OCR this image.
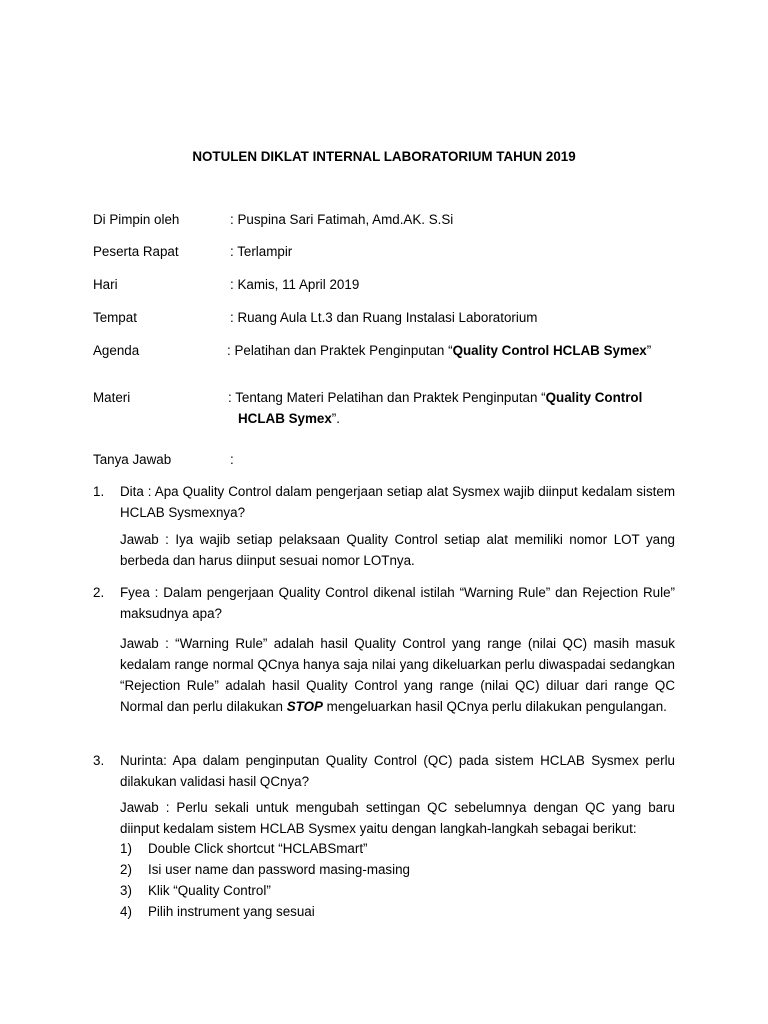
NOTULEN DIKLAT INTERNAL LABORATORIUM TAHUN 2019
Di Pimpin oleh	: Puspina Sari Fatimah, Amd.AK. S.Si
Peserta Rapat	: Terlampir
Hari	: Kamis, 11 April 2019
Tempat	: Ruang Aula Lt.3 dan Ruang Instalasi Laboratorium
Agenda	: Pelatihan dan Praktek Penginputan “Quality Control HCLAB Symex”
Materi	: Tentang Materi Pelatihan dan Praktek Penginputan “Quality Control

HCLAB Symex”.
Tanya Jawab	:
1.	Dita : Apa Quality Control dalam pengerjaan setiap alat Sysmex wajib diinput kedalam sistem HCLAB Sysmexnya?
Jawab : Iya wajib setiap pelaksaan Quality Control setiap alat memiliki nomor LOT yang berbeda dan harus diinput sesuai nomor LOTnya.
2.	Fyea : Dalam pengerjaan Quality Control dikenal istilah “Warning Rule” dan Rejection Rule” maksudnya apa?
Jawab : “Warning Rule” adalah hasil Quality Control yang range (nilai QC) masih masuk kedalam range normal QCnya hanya saja nilai yang dikeluarkan perlu diwaspadai sedangkan “Rejection Rule” adalah hasil Quality Control yang range (nilai QC) diluar dari range QC Normal dan perlu dilakukan STOP mengeluarkan hasil QCnya perlu dilakukan pengulangan.
3.	Nurinta: Apa dalam penginputan Quality Control (QC) pada sistem HCLAB Sysmex perlu dilakukan validasi hasil QCnya?
Jawab : Perlu sekali untuk mengubah settingan QC sebelumnya dengan QC yang baru diinput kedalam sistem HCLAB Sysmex yaitu dengan langkah-langkah sebagai berikut:
1) Double Click shortcut “HCLABSmart”
2) Isi user name dan password masing-masing
3) Klik “Quality Control”
4) Pilih instrument yang sesuai
